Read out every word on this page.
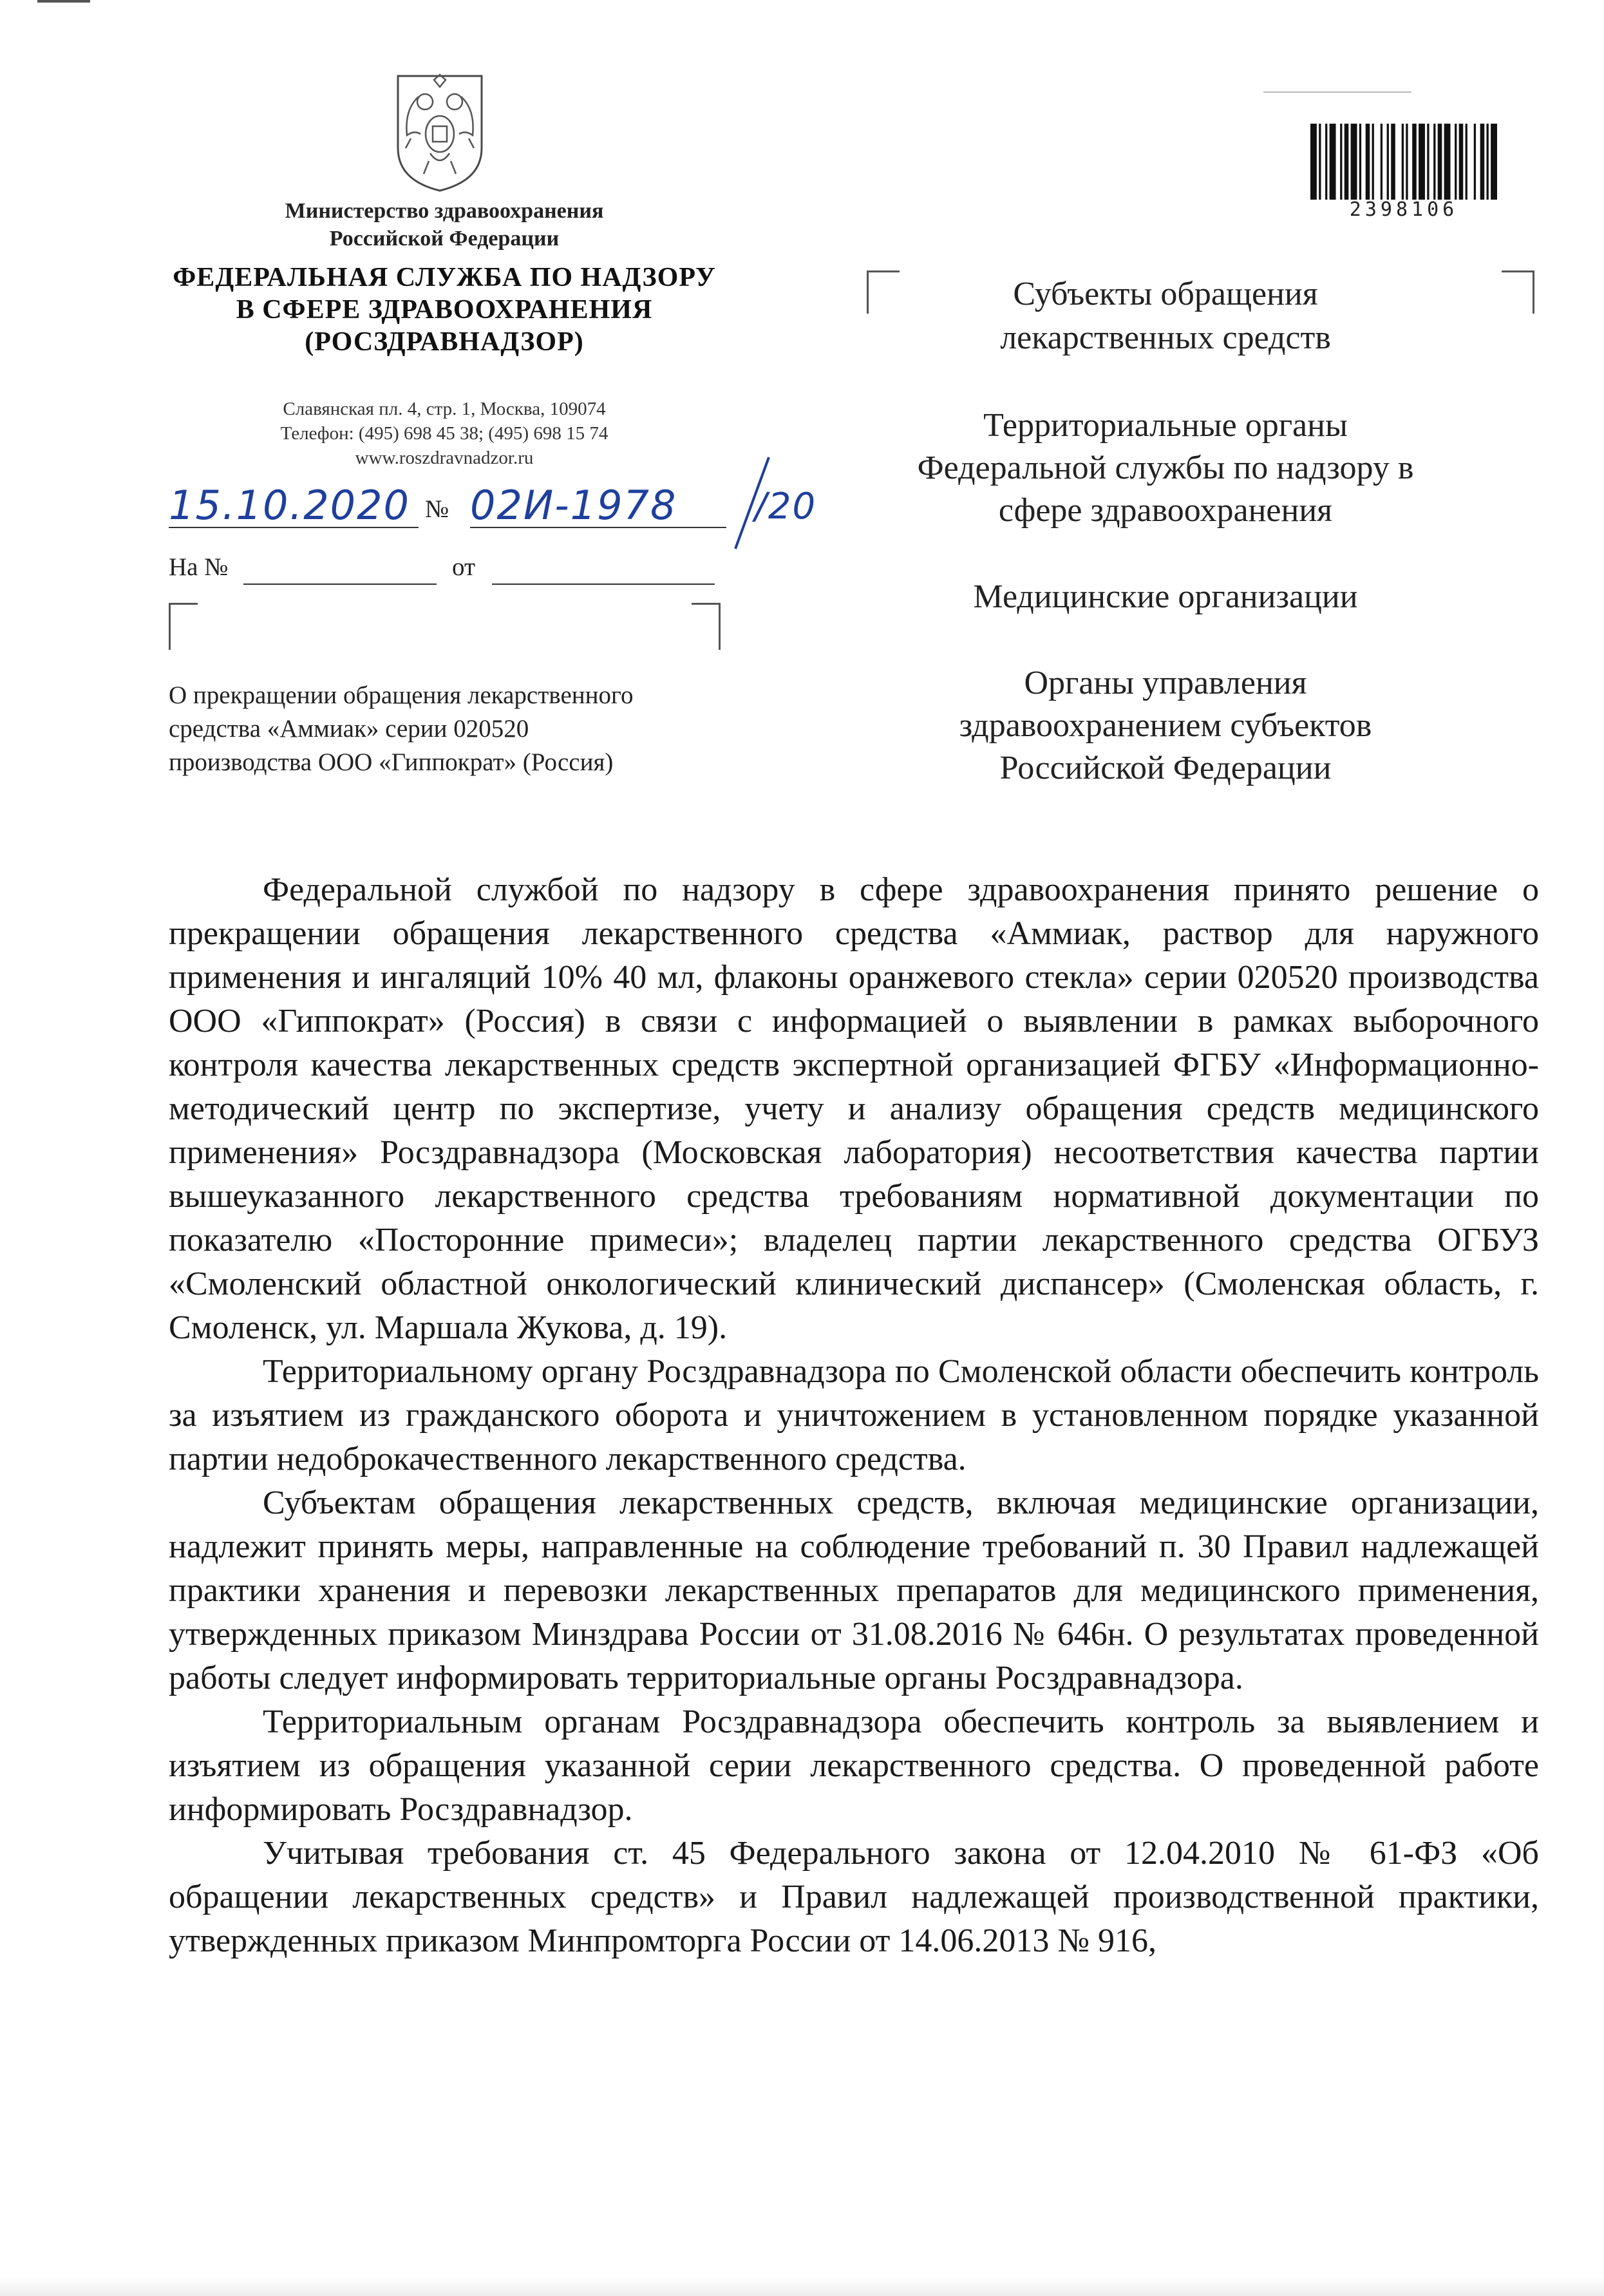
Министерство здравоохранения
Российской Федерации
ФЕДЕРАЛЬНАЯ СЛУЖБА ПО НАДЗОРУ
В СФЕРЕ ЗДРАВООХРАНЕНИЯ
(РОСЗДРАВНАДЗОР)
Славянская пл. 4, стр. 1, Москва, 109074
Телефон: (495) 698 45 38; (495) 698 15 74
www.roszdravnadzor.ru
15.10.2020 № 02И-1978	/20
На №	от
О прекращении обращения лекарственного
средства «Аммиак» серии 020520
производства ООО «Гиппократ» (Россия)
2398106
Субъекты обращения
лекарственных средств
Территориальные органы
Федеральной службы по надзору в
сфере здравоохранения
Медицинские организации
Органы управления
здравоохранением субъектов
Российской Федерации

Федеральной службой по надзору в сфере здравоохранения принято решение о прекращении обращения лекарственного средства «Аммиак, раствор для наружного применения и ингаляций 10% 40 мл, флаконы оранжевого стекла» серии 020520 производства ООО «Гиппократ» (Россия) в связи с информацией о выявлении в рамках выборочного контроля качества лекарственных средств экспертной организацией ФГБУ «Информационно-методический центр по экспертизе, учету и анализу обращения средств медицинского применения» Росздравнадзора (Московская лаборатория) несоответствия качества партии вышеуказанного лекарственного средства требованиям нормативной документации по показателю «Посторонние примеси»; владелец партии лекарственного средства ОГБУЗ «Смоленский областной онкологический клинический диспансер» (Смоленская область, г. Смоленск, ул. Маршала Жукова, д. 19).

Территориальному органу Росздравнадзора по Смоленской области обеспечить контроль за изъятием из гражданского оборота и уничтожением в установленном порядке указанной партии недоброкачественного лекарственного средства.

Субъектам обращения лекарственных средств, включая медицинские организации, надлежит принять меры, направленные на соблюдение требований п. 30 Правил надлежащей практики хранения и перевозки лекарственных препаратов для медицинского применения, утвержденных приказом Минздрава России от 31.08.2016 № 646н. О результатах проведенной работы следует информировать территориальные органы Росздравнадзора.

Территориальным органам Росздравнадзора обеспечить контроль за выявлением и изъятием из обращения указанной серии лекарственного средства. О проведенной работе информировать Росздравнадзор.

Учитывая требования ст. 45 Федерального закона от 12.04.2010 № 61-ФЗ «Об обращении лекарственных средств» и Правил надлежащей производственной практики, утвержденных приказом Минпромторга России от 14.06.2013 № 916,
